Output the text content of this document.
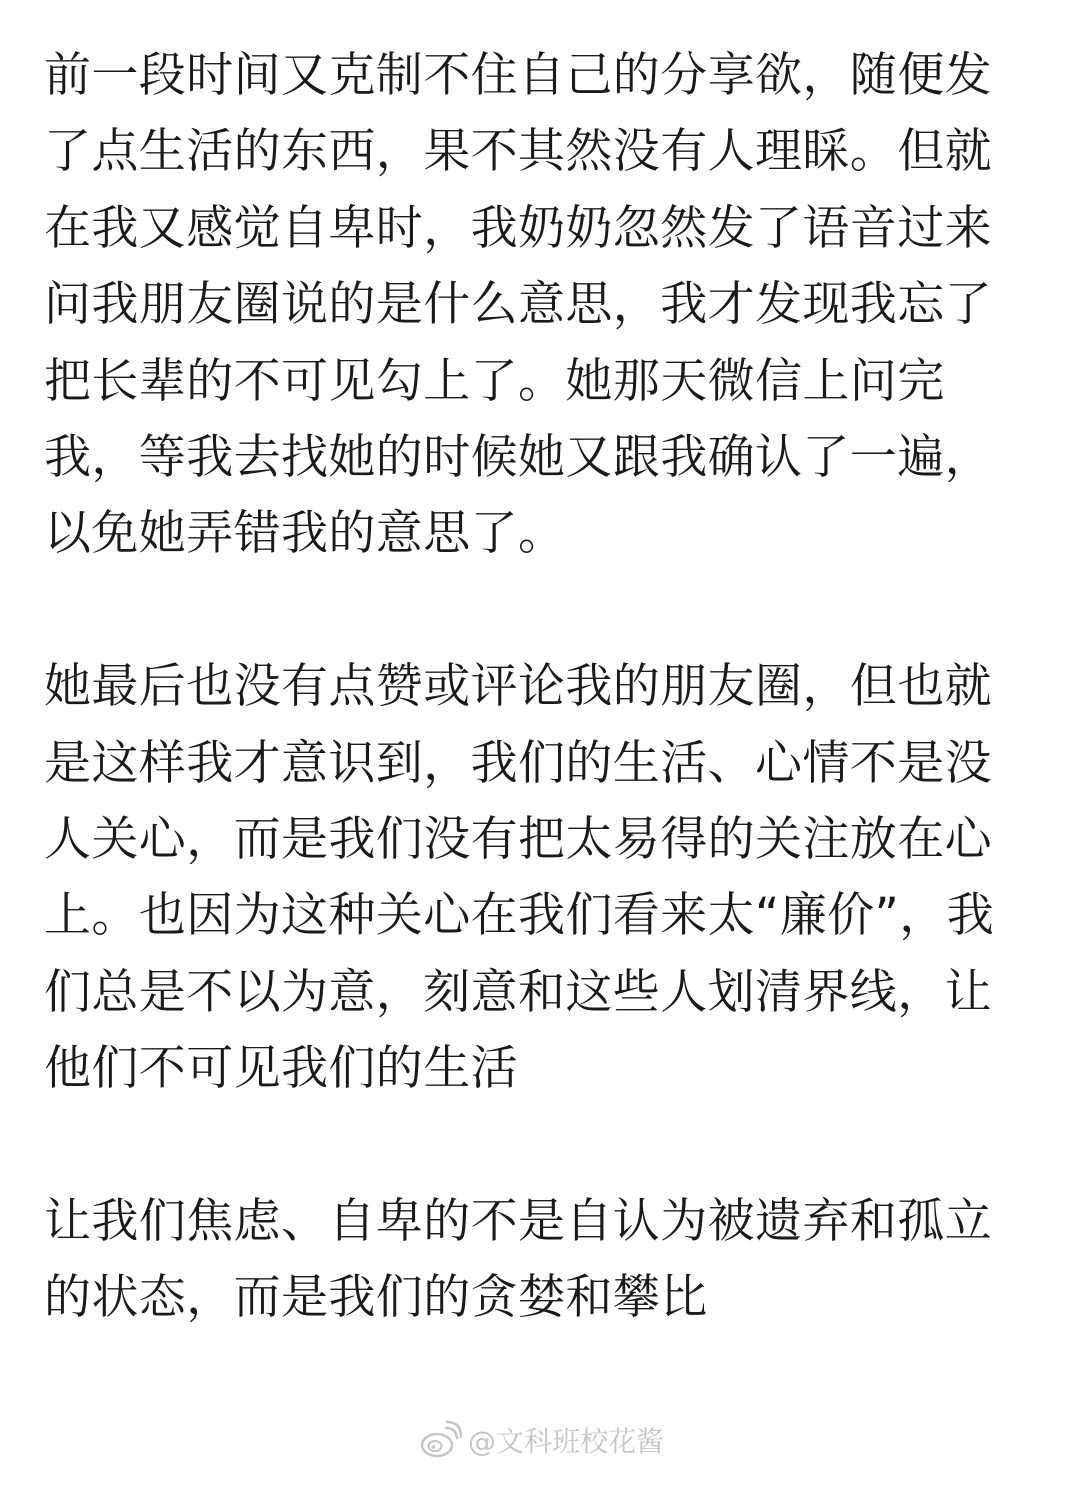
前一段时间又克制不住自己的分享欲，随便发
了点生活的东西，果不其然没有人理睬。但就
在我又感觉自卑时，我奶奶忽然发了语音过来
问我朋友圈说的是什么意思，我才发现我忘了
把长辈的不可见勾上了。她那天微信上问完
我，等我去找她的时候她又跟我确认了一遍，
以免她弄错我的意思了。

她最后也没有点赞或评论我的朋友圈，但也就
是这样我才意识到，我们的生活、心情不是没
人关心，而是我们没有把太易得的关注放在心
上。也因为这种关心在我们看来太“廉价”，我
们总是不以为意，刻意和这些人划清界线，让
他们不可见我们的生活

让我们焦虑、自卑的不是自认为被遗弃和孤立
的状态，而是我们的贪婪和攀比

@文科班校花酱
